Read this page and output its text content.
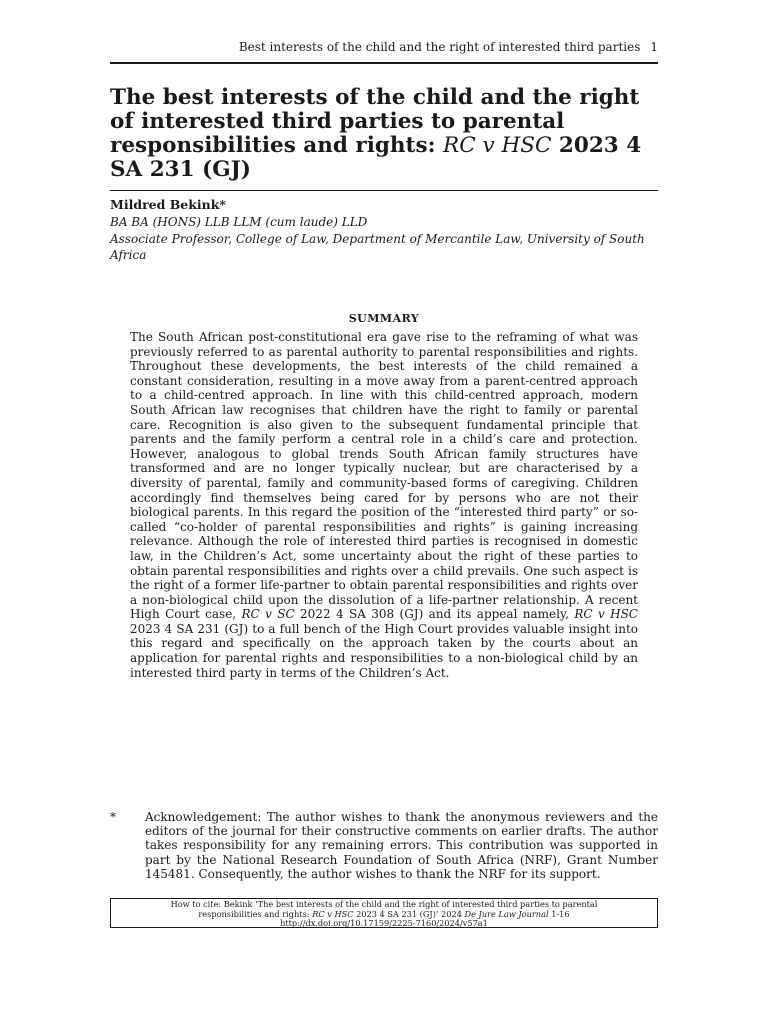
Best interests of the child and the right of interested third parties 1
The best interests of the child and the right of interested third parties to parental responsibilities and rights: RC v HSC 2023 4 SA 231 (GJ)

Mildred Bekink*

BA BA (HONS) LLB LLM (cum laude) LLD
Associate Professor, College of Law, Department of Mercantile Law, University of South Africa

SUMMARY

The South African post-constitutional era gave rise to the reframing of what was previously referred to as parental authority to parental responsibilities and rights. Throughout these developments, the best interests of the child remained a constant consideration, resulting in a move away from a parent-centred approach to a child-centred approach. In line with this child-centred approach, modern South African law recognises that children have the right to family or parental care. Recognition is also given to the subsequent fundamental principle that parents and the family perform a central role in a child’s care and protection. However, analogous to global trends South African family structures have transformed and are no longer typically nuclear, but are characterised by a diversity of parental, family and community-based forms of caregiving. Children accordingly find themselves being cared for by persons who are not their biological parents. In this regard the position of the “interested third party” or so-called “co-holder of parental responsibilities and rights” is gaining increasing relevance. Although the role of interested third parties is recognised in domestic law, in the Children’s Act, some uncertainty about the right of these parties to obtain parental responsibilities and rights over a child prevails. One such aspect is the right of a former life-partner to obtain parental responsibilities and rights over a non-biological child upon the dissolution of a life-partner relationship. A recent High Court case, RC v SC 2022 4 SA 308 (GJ) and its appeal namely, RC v HSC 2023 4 SA 231 (GJ) to a full bench of the High Court provides valuable insight into this regard and specifically on the approach taken by the courts about an application for parental rights and responsibilities to a non-biological child by an interested third party in terms of the Children’s Act.

* Acknowledgement: The author wishes to thank the anonymous reviewers and the editors of the journal for their constructive comments on earlier drafts. The author takes responsibility for any remaining errors. This contribution was supported in part by the National Research Foundation of South Africa (NRF), Grant Number 145481. Consequently, the author wishes to thank the NRF for its support.
How to cite: Bekink ‘The best interests of the child and the right of interested third parties to parental
responsibilities and rights: RC v HSC 2023 4 SA 231 (GJ)’ 2024 De Jure Law Journal 1-16
http://dx.doi.org/10.17159/2225-7160/2024/v57a1
